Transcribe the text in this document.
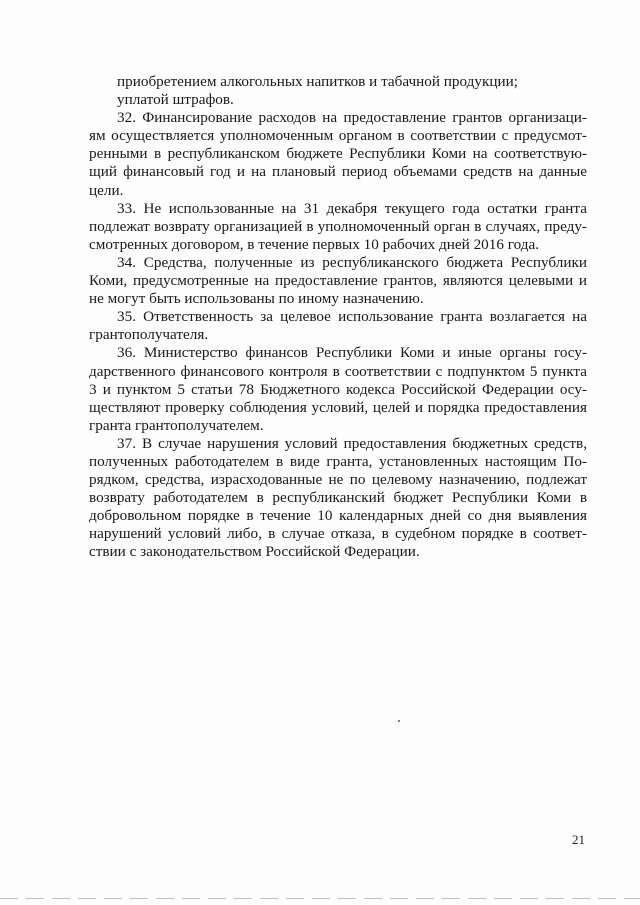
приобретением алкогольных напитков и табачной продукции;

уплатой штрафов.

32. Финансирование расходов на предоставление грантов организаци-ям осуществляется уполномоченным органом в соответствии с предусмот-ренными в республиканском бюджете Республики Коми на соответствую-щий финансовый год и на плановый период объемами средств на данные цели.

33. Не использованные на 31 декабря текущего года остатки гранта подлежат возврату организацией в уполномоченный орган в случаях, преду-смотренных договором, в течение первых 10 рабочих дней 2016 года.

34. Средства, полученные из республиканского бюджета Республики Коми, предусмотренные на предоставление грантов, являются целевыми и не могут быть использованы по иному назначению.

35. Ответственность за целевое использование гранта возлагается на грантополучателя.

36. Министерство финансов Республики Коми и иные органы госу-дарственного финансового контроля в соответствии с подпунктом 5 пункта 3 и пунктом 5 статьи 78 Бюджетного кодекса Российской Федерации осу-ществляют проверку соблюдения условий, целей и порядка предоставления гранта грантополучателем.

37. В случае нарушения условий предоставления бюджетных средств, полученных работодателем в виде гранта, установленных настоящим По-рядком, средства, израсходованные не по целевому назначению, подлежат возврату работодателем в республиканский бюджет Республики Коми в добровольном порядке в течение 10 календарных дней со дня выявления нарушений условий либо, в случае отказа, в судебном порядке в соответ-ствии с законодательством Российской Федерации.

21
